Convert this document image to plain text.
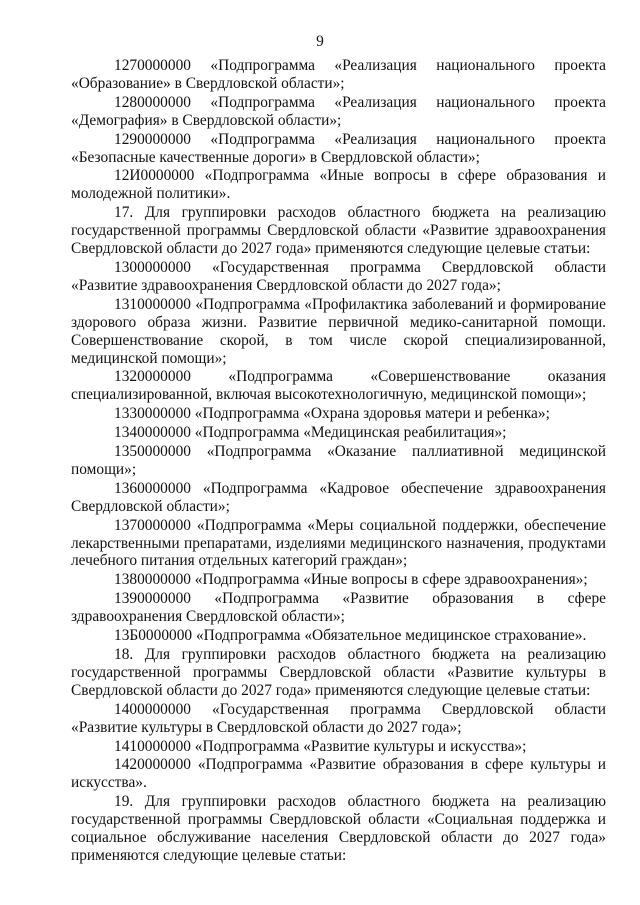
9

1270000000 «Подпрограмма «Реализация национального проекта «Образование» в Свердловской области»;

1280000000 «Подпрограмма «Реализация национального проекта «Демография» в Свердловской области»;

1290000000 «Подпрограмма «Реализация национального проекта «Безопасные качественные дороги» в Свердловской области»;

12И0000000 «Подпрограмма «Иные вопросы в сфере образования и молодежной политики».

17. Для группировки расходов областного бюджета на реализацию государственной программы Свердловской области «Развитие здравоохранения Свердловской области до 2027 года» применяются следующие целевые статьи:

1300000000 «Государственная программа Свердловской области «Развитие здравоохранения Свердловской области до 2027 года»;

1310000000 «Подпрограмма «Профилактика заболеваний и формирование здорового образа жизни. Развитие первичной медико-санитарной помощи. Совершенствование скорой, в том числе скорой специализированной, медицинской помощи»;

1320000000 «Подпрограмма «Совершенствование оказания специализированной, включая высокотехнологичную, медицинской помощи»;

1330000000 «Подпрограмма «Охрана здоровья матери и ребенка»;

1340000000 «Подпрограмма «Медицинская реабилитация»;

1350000000 «Подпрограмма «Оказание паллиативной медицинской помощи»;

1360000000 «Подпрограмма «Кадровое обеспечение здравоохранения Свердловской области»;

1370000000 «Подпрограмма «Меры социальной поддержки, обеспечение лекарственными препаратами, изделиями медицинского назначения, продуктами лечебного питания отдельных категорий граждан»;

1380000000 «Подпрограмма «Иные вопросы в сфере здравоохранения»;

1390000000 «Подпрограмма «Развитие образования в сфере здравоохранения Свердловской области»;

13Б0000000 «Подпрограмма «Обязательное медицинское страхование».

18. Для группировки расходов областного бюджета на реализацию государственной программы Свердловской области «Развитие культуры в Свердловской области до 2027 года» применяются следующие целевые статьи:

1400000000 «Государственная программа Свердловской области «Развитие культуры в Свердловской области до 2027 года»;

1410000000 «Подпрограмма «Развитие культуры и искусства»;

1420000000 «Подпрограмма «Развитие образования в сфере культуры и искусства».

19. Для группировки расходов областного бюджета на реализацию государственной программы Свердловской области «Социальная поддержка и социальное обслуживание населения Свердловской области до 2027 года» применяются следующие целевые статьи:
